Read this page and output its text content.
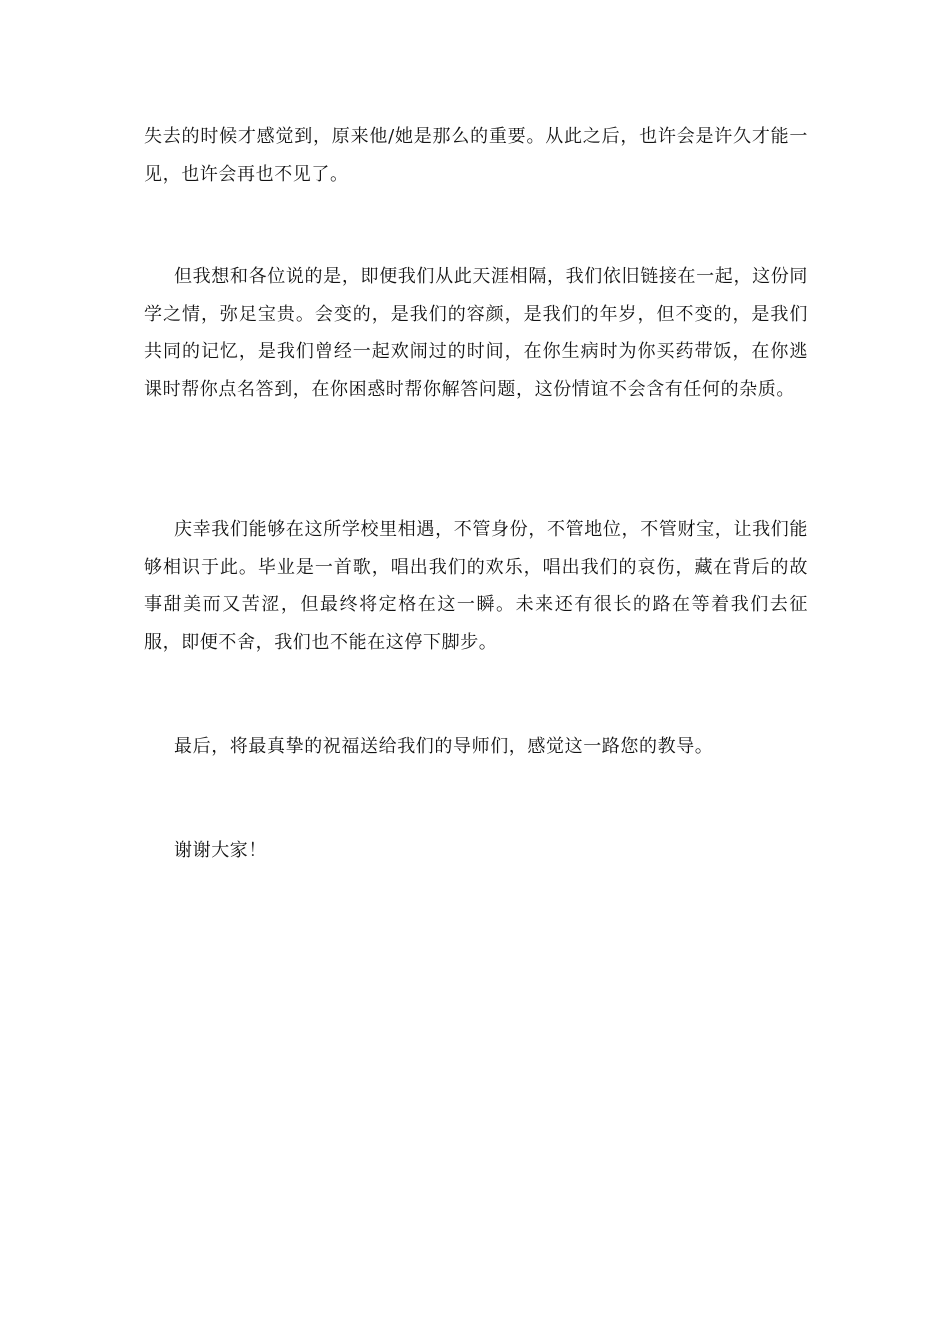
失去的时候才感觉到，原来他/她是那么的重要。从此之后，也许会是许久才能一见，也许会再也不见了。

但我想和各位说的是，即便我们从此天涯相隔，我们依旧链接在一起，这份同学之情，弥足宝贵。会变的，是我们的容颜，是我们的年岁，但不变的，是我们共同的记忆，是我们曾经一起欢闹过的时间，在你生病时为你买药带饭，在你逃课时帮你点名答到，在你困惑时帮你解答问题，这份情谊不会含有任何的杂质。

庆幸我们能够在这所学校里相遇，不管身份，不管地位，不管财宝，让我们能够相识于此。毕业是一首歌，唱出我们的欢乐，唱出我们的哀伤，藏在背后的故事甜美而又苦涩，但最终将定格在这一瞬。未来还有很长的路在等着我们去征服，即便不舍，我们也不能在这停下脚步。

最后，将最真挚的祝福送给我们的导师们，感觉这一路您的教导。

谢谢大家！
